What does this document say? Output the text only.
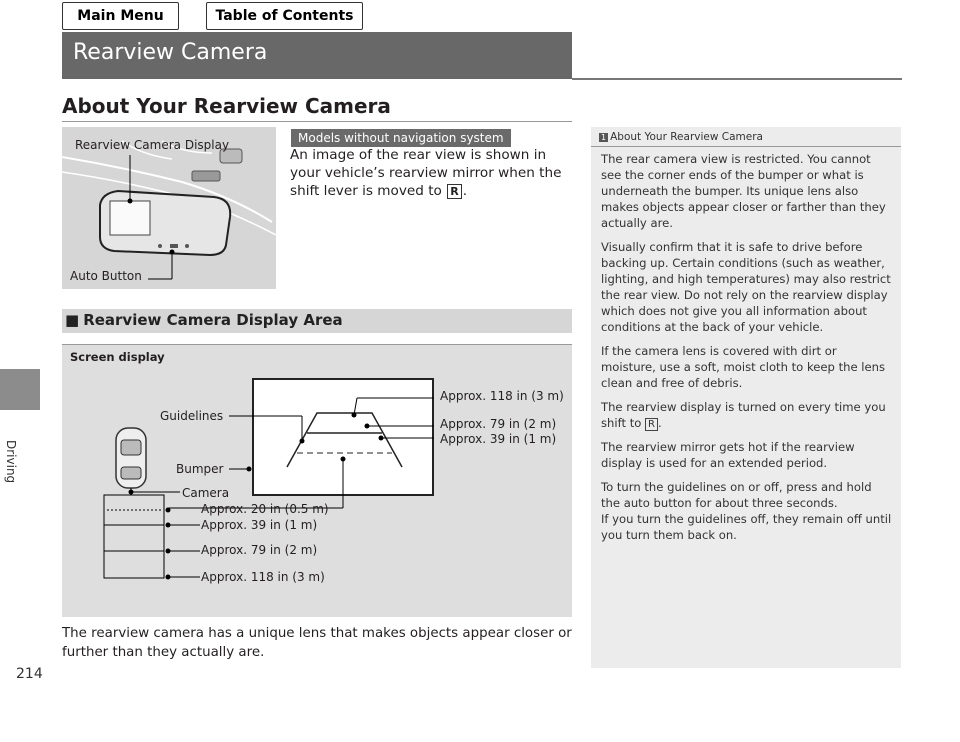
Main Menu	Table of Contents
Driving
214
Rearview Camera
About Your Rearview Camera
Rearview Camera Display
Auto Button
Models without navigation system
An image of the rear view is shown in your vehicle’s rearview mirror when the shift lever is moved to R .
■ Rearview Camera Display Area
Screen display
Guidelines
Bumper
Camera
Approx. 118 in (3 m)
Approx. 79 in (2 m)
Approx. 39 in (1 m)
Approx. 20 in (0.5 m)
Approx. 39 in (1 m)
Approx. 79 in (2 m)
Approx. 118 in (3 m)
The rearview camera has a unique lens that makes objects appear closer or further than they actually are.
1 About Your Rearview Camera

The rear camera view is restricted. You cannot see the corner ends of the bumper or what is underneath the bumper. Its unique lens also makes objects appear closer or farther than they actually are.

Visually confirm that it is safe to drive before backing up. Certain conditions (such as weather, lighting, and high temperatures) may also restrict the rear view. Do not rely on the rearview display which does not give you all information about conditions at the back of your vehicle.

If the camera lens is covered with dirt or moisture, use a soft, moist cloth to keep the lens clean and free of debris.

The rearview display is turned on every time you shift to R .

The rearview mirror gets hot if the rearview display is used for an extended period.

To turn the guidelines on or off, press and hold the auto button for about three seconds.

If you turn the guidelines off, they remain off until you turn them back on.
